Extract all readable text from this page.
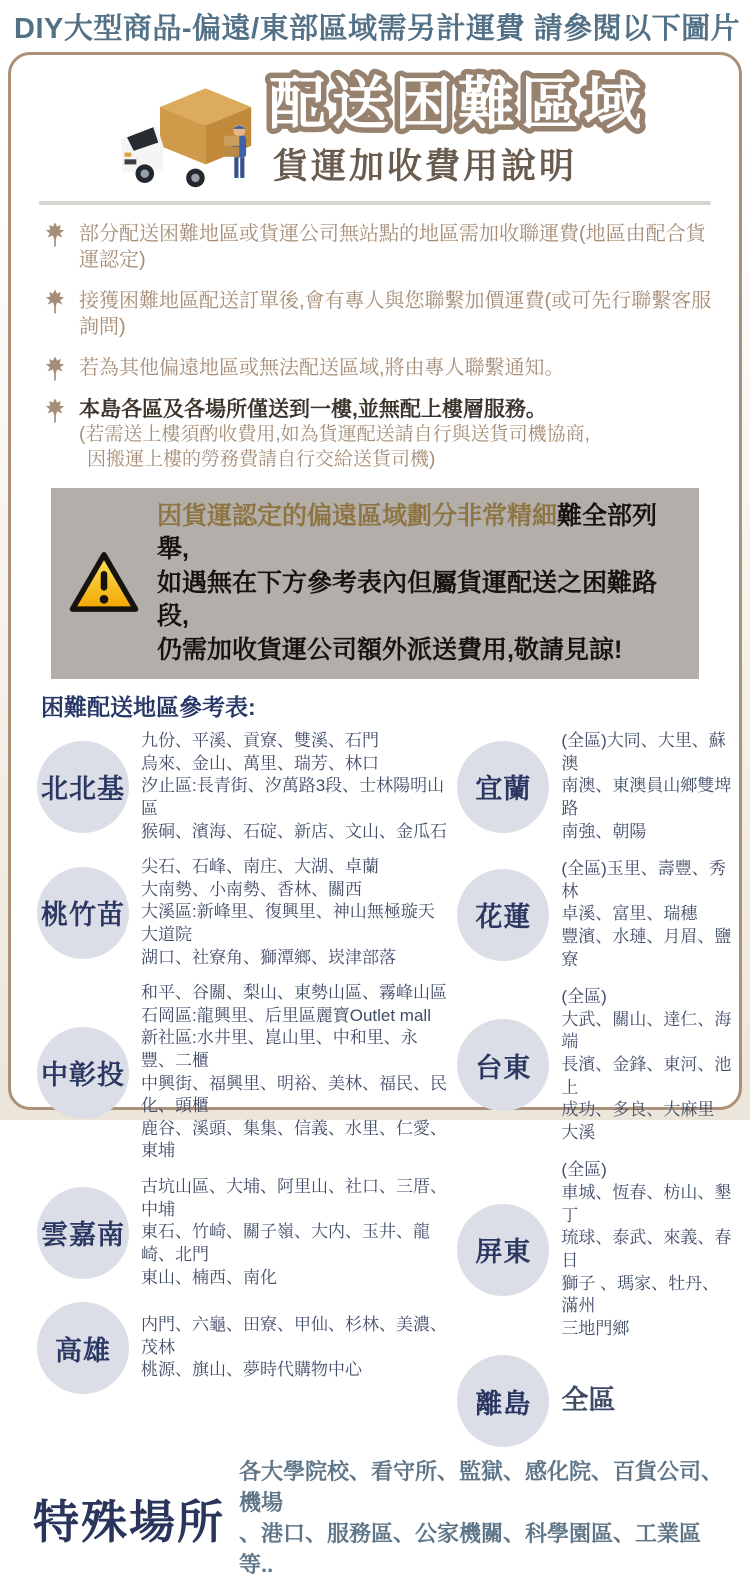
DIY大型商品-偏遠/東部區域需另計運費 請參閱以下圖片
配送困難區域
貨運加收費用說明
部分配送困難地區或貨運公司無站點的地區需加收聯運費(地區由配合貨運認定)
接獲困難地區配送訂單後,會有專人與您聯繫加價運費(或可先行聯繫客服詢問)
若為其他偏遠地區或無法配送區域,將由專人聯繫通知。
本島各區及各場所僅送到一樓,並無配上樓層服務。
(若需送上樓須酌收費用,如為貨運配送請自行與送貨司機協商,
因搬運上樓的勞務費請自行交給送貨司機)
因貨運認定的偏遠區域劃分非常精細難全部列舉,
如遇無在下方參考表內但屬貨運配送之困難路段,
仍需加收貨運公司額外派送費用,敬請見諒!
困難配送地區參考表:
北北基
九份、平溪、貢寮、雙溪、石門
烏來、金山、萬里、瑞芳、林口
汐止區:長青街、汐萬路3段、士林陽明山區
猴硐、濱海、石碇、新店、文山、金瓜石
桃竹苗
尖石、石峰、南庄、大湖、卓蘭
大南勢、小南勢、香林、關西
大溪區:新峰里、復興里、神山無極璇天大道院
湖口、社寮角、獅潭鄉、崁津部落
中彰投
和平、谷關、梨山、東勢山區、霧峰山區
石岡區:龍興里、后里區麗寶Outlet mall
新社區:水井里、崑山里、中和里、永豐、二櫃
中興街、福興里、明裕、美林、福民、民化、頭櫃
鹿谷、溪頭、集集、信義、水里、仁愛、東埔
雲嘉南
古坑山區、大埔、阿里山、社口、三厝、中埔
東石、竹崎、關子嶺、大内、玉井、龍崎、北門
東山、楠西、南化
高雄
内門、六龜、田寮、甲仙、杉林、美濃、茂林
桃源、旗山、夢時代購物中心
宜蘭
(全區)大同、大里、蘇澳
南澳、東澳員山鄉雙埤路
南強、朝陽
花蓮
(全區)玉里、壽豐、秀林
卓溪、富里、瑞穗
豐濱、水璉、月眉、鹽寮
台東
(全區)
大武、關山、達仁、海端
長濱、金鋒、東河、池上
成功、多良、大麻里
大溪
屏東
(全區)
車城、恆春、枋山、墾丁
琉球、泰武、來義、春日
獅子 、瑪家、牡丹、滿州
三地門鄉
離島	全區
特殊場所
各大學院校、看守所、監獄、感化院、百貨公司、機場
、港口、服務區、公家機關、科學園區、工業區等..
